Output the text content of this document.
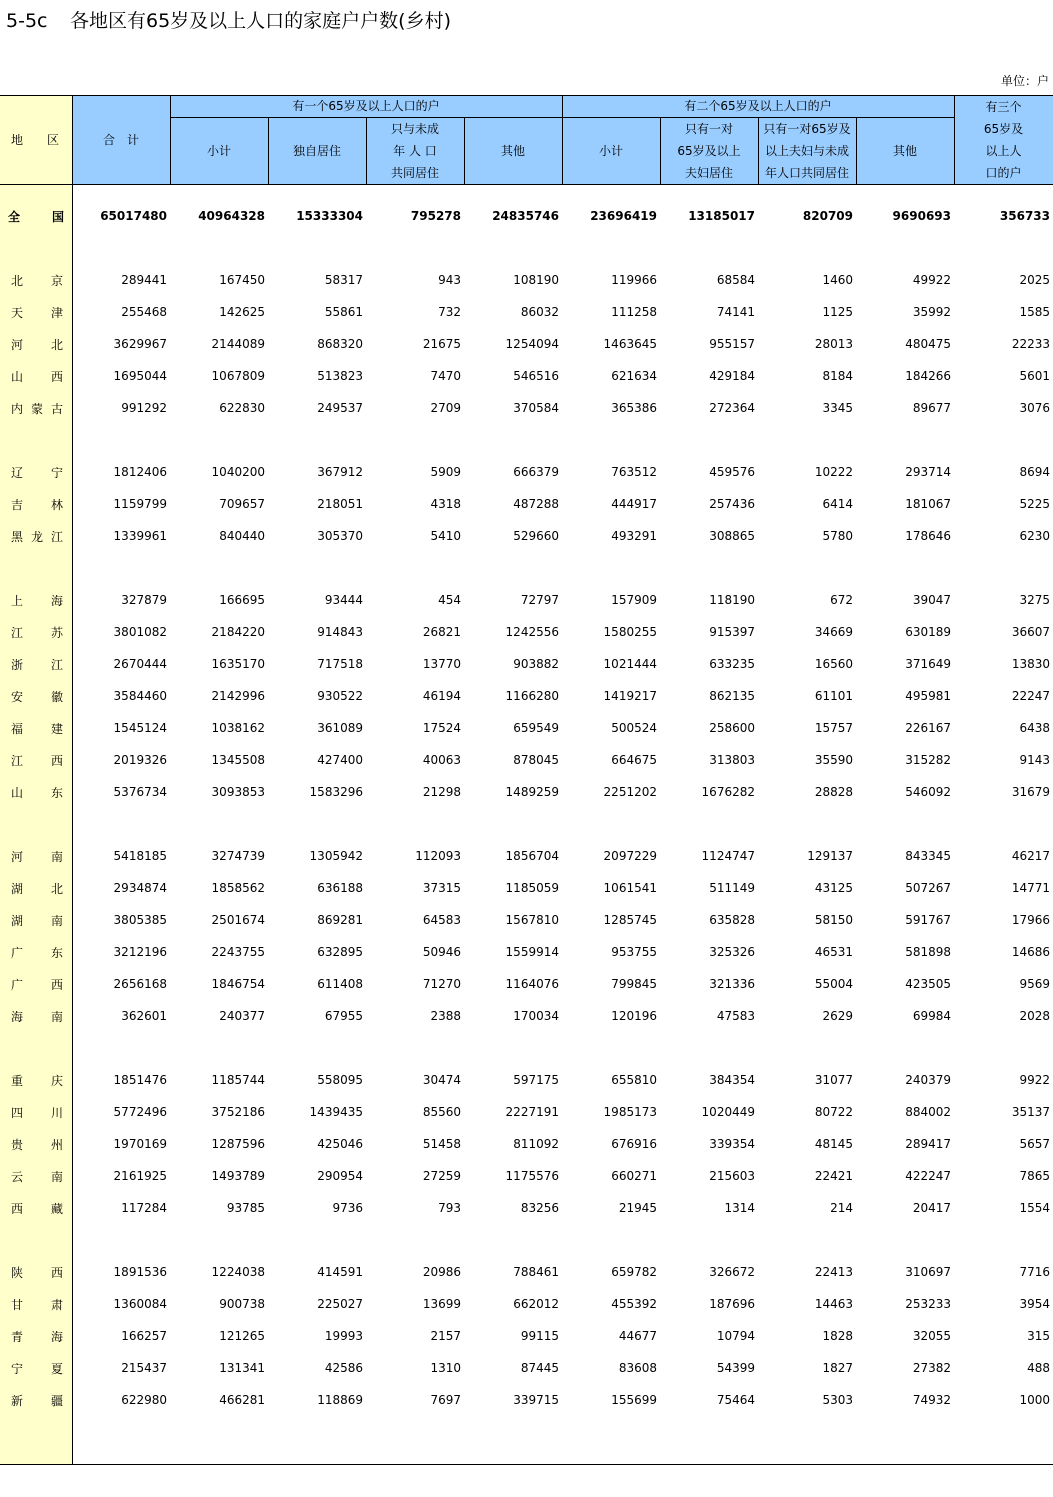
5-5c 各地区有65岁及以上人口的家庭户户数(乡村)
单位：户
地　　区	合　计
有一个65岁及以上人口的户	有二个65岁及以上人口的户	有三个
65岁及
以上人
口的户
小计	独自居住
只与未成
年 人 口
共同居住
其他	小计
只有一对
65岁及以上
夫妇居住
只有一对65岁及
以上夫妇与未成
年人口共同居住
其他
全 国	65017480	40964328	15333304	795278	24835746	23696419	13185017	820709	9690693	356733

北 京	289441	167450	58317	943	108190	119966	68584	1460	49922	2025

天 津	255468	142625	55861	732	86032	111258	74141	1125	35992	1585

河 北	3629967	2144089	868320	21675	1254094	1463645	955157	28013	480475	22233

山 西	1695044	1067809	513823	7470	546516	621634	429184	8184	184266	5601

内 蒙 古	991292	622830	249537	2709	370584	365386	272364	3345	89677	3076

辽 宁	1812406	1040200	367912	5909	666379	763512	459576	10222	293714	8694

吉 林	1159799	709657	218051	4318	487288	444917	257436	6414	181067	5225

黑 龙 江	1339961	840440	305370	5410	529660	493291	308865	5780	178646	6230

上 海	327879	166695	93444	454	72797	157909	118190	672	39047	3275

江 苏	3801082	2184220	914843	26821	1242556	1580255	915397	34669	630189	36607

浙 江	2670444	1635170	717518	13770	903882	1021444	633235	16560	371649	13830

安 徽	3584460	2142996	930522	46194	1166280	1419217	862135	61101	495981	22247

福 建	1545124	1038162	361089	17524	659549	500524	258600	15757	226167	6438

江 西	2019326	1345508	427400	40063	878045	664675	313803	35590	315282	9143

山 东	5376734	3093853	1583296	21298	1489259	2251202	1676282	28828	546092	31679

河 南	5418185	3274739	1305942	112093	1856704	2097229	1124747	129137	843345	46217

湖 北	2934874	1858562	636188	37315	1185059	1061541	511149	43125	507267	14771

湖 南	3805385	2501674	869281	64583	1567810	1285745	635828	58150	591767	17966

广 东	3212196	2243755	632895	50946	1559914	953755	325326	46531	581898	14686

广 西	2656168	1846754	611408	71270	1164076	799845	321336	55004	423505	9569

海 南	362601	240377	67955	2388	170034	120196	47583	2629	69984	2028

重 庆	1851476	1185744	558095	30474	597175	655810	384354	31077	240379	9922

四 川	5772496	3752186	1439435	85560	2227191	1985173	1020449	80722	884002	35137

贵 州	1970169	1287596	425046	51458	811092	676916	339354	48145	289417	5657

云 南	2161925	1493789	290954	27259	1175576	660271	215603	22421	422247	7865

西 藏	117284	93785	9736	793	83256	21945	1314	214	20417	1554

陕 西	1891536	1224038	414591	20986	788461	659782	326672	22413	310697	7716

甘 肃	1360084	900738	225027	13699	662012	455392	187696	14463	253233	3954

青 海	166257	121265	19993	2157	99115	44677	10794	1828	32055	315

宁 夏	215437	131341	42586	1310	87445	83608	54399	1827	27382	488

新 疆	622980	466281	118869	7697	339715	155699	75464	5303	74932	1000
